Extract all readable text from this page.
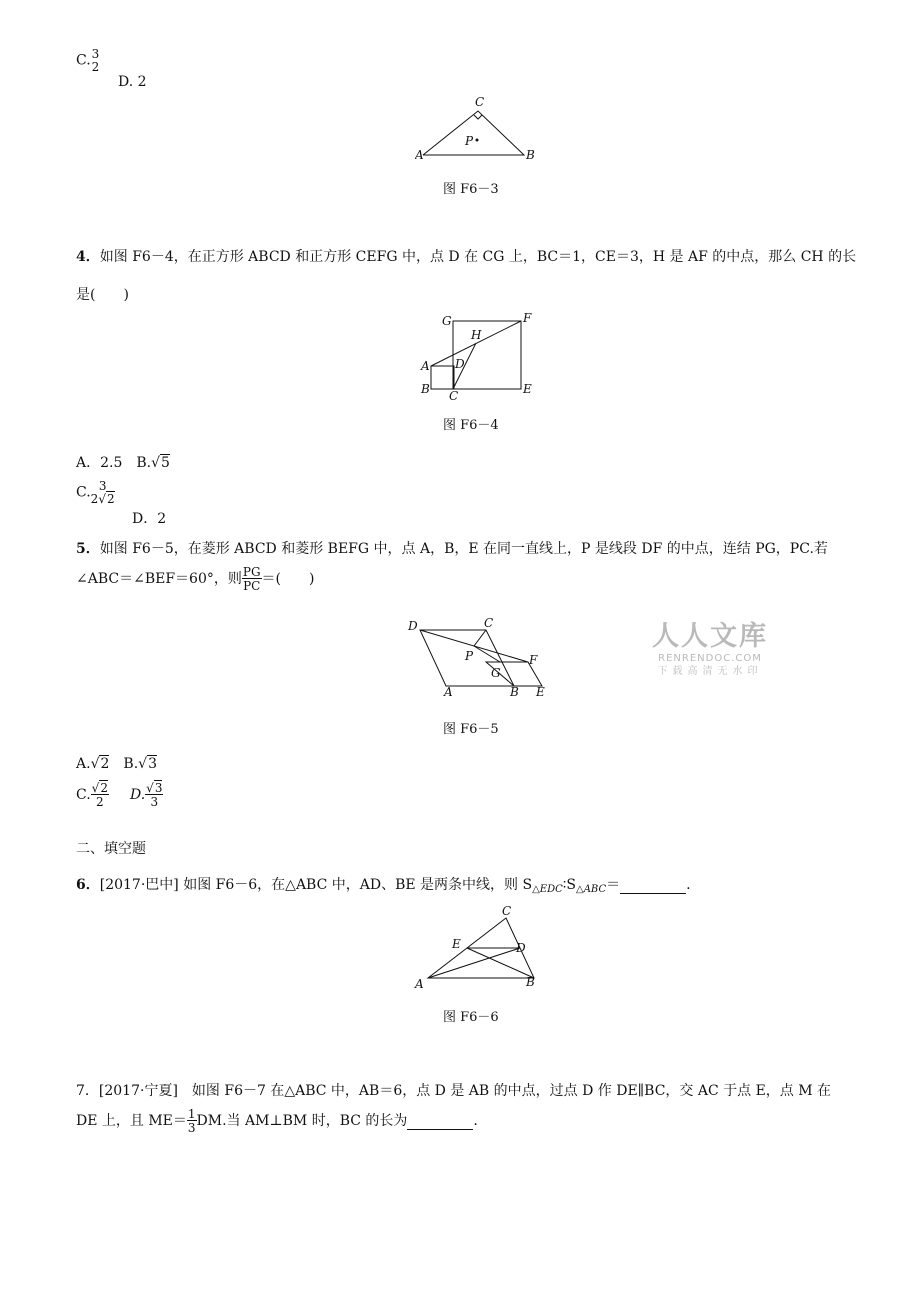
C. 3
2
D. 2
C
A	B
P
图 F6－3
4．如图 F6－4，在正方形 ABCD 和正方形 CEFG 中，点 D 在 CG 上，BC＝1，CE＝3，H 是 AF 的中点，那么 CH 的长
是(　　)
G
H
F
A D
B C	E
图 F6－4
A．2.5  B.√5
C. 3
2√2
D．2
5．如图 F6－5，在菱形 ABCD 和菱形 BEFG 中，点 A，B，E 在同一直线上，P 是线段 DF 的中点，连结 PG，PC.若
∠ABC＝∠BEF＝60°，则 $\frac{PG}{PC}$ ＝(　　)
D	C
P	F
G
A	B E
图 F6－5
A.√2  B.√3
C. $\frac{√2}{2}$
   D. $\frac{√3}{3}$
二、填空题
6．[2017·巴中] 如图 F6－6，在△ABC 中，AD、BE 是两条中线，则 $S_{\triangle EDC}∶S_{\triangle ABC}=$	.
C
E	D
A	B
图 F6－6
7．[2017·宁夏]　如图 F6－7 在△ABC 中，AB＝6，点 D 是 AB 的中点，过点 D 作 DE∥BC，交 AC 于点 E，点 M 在
DE 上，且 $ME= \frac{1}{3}$ DM.当 AM⊥BM 时，BC 的长为	.
人人文库
RENRENDOC.COM
下载高清无水印
